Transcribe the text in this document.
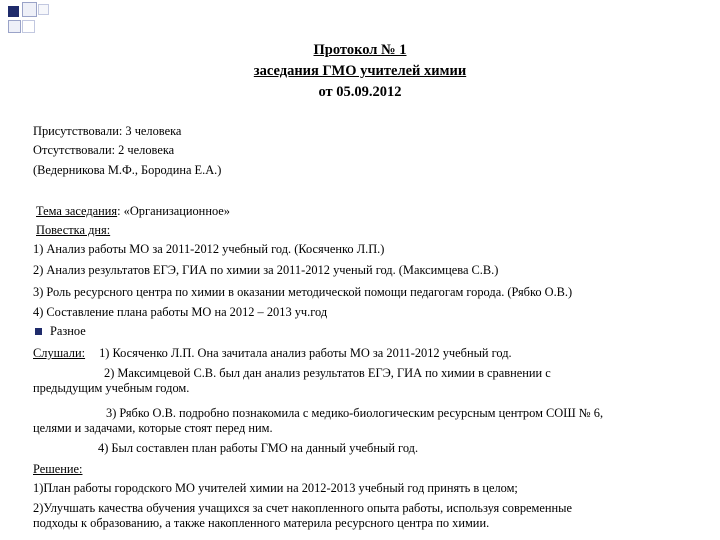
Протокол № 1
заседания ГМО учителей химии
от 05.09.2012
Присутствовали: 3 человека
Отсутствовали: 2 человека
(Ведерникова М.Ф., Бородина Е.А.)
Тема заседания: «Организационное»
Повестка дня:
1) Анализ работы МО за 2011-2012 учебный год. (Косяченко Л.П.)
2) Анализ результатов ЕГЭ, ГИА по химии за 2011-2012 ученый год. (Максимцева С.В.)
3) Роль ресурсного центра по химии в оказании методической помощи педагогам города. (Рябко О.В.)
4) Составление плана работы МО на 2012 – 2013 уч.год
Разное
Слушали: 1) Косяченко Л.П. Она зачитала анализ работы МО за 2011-2012 учебный год.
2) Максимцевой С.В. был дан анализ результатов ЕГЭ, ГИА по химии в сравнении с
предыдущим учебным годом.
3) Рябко О.В. подробно познакомила с медико-биологическим ресурсным центром СОШ № 6,
целями и задачами, которые стоят перед ним.
4) Был составлен план работы ГМО на данный учебный год.
Решение:
1)План работы городского МО учителей химии на 2012-2013 учебный год принять в целом;
2)Улучшать качества обучения учащихся за счет накопленного опыта работы, используя современные
подходы к образованию, а также накопленного материла ресурсного центра по химии.
